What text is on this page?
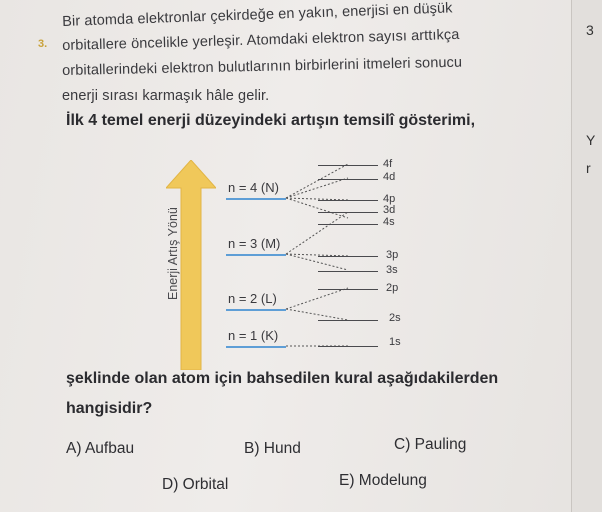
3
Y
r
3.
Bir atomda elektronlar çekirdeğe en yakın, enerjisi en düşük
orbitallere öncelikle yerleşir. Atomdaki elektron sayısı arttıkça
orbitallerindeki elektron bulutlarının birbirlerini itmeleri sonucu
enerji sırası karmaşık hâle gelir.
İlk 4 temel enerji düzeyindeki artışın temsilî gösterimi,
Enerji Artış Yönü
n = 4 (N)
n = 3 (M)
n = 2 (L)
n = 1 (K)
4f
4d
4p
3d
4s
3p
3s
2p
2s
1s
şeklinde olan atom için bahsedilen kural aşağıdakilerden
hangisidir?
A) Aufbau	B) Hund	C) Pauling
D) Orbital	E) Modelung
